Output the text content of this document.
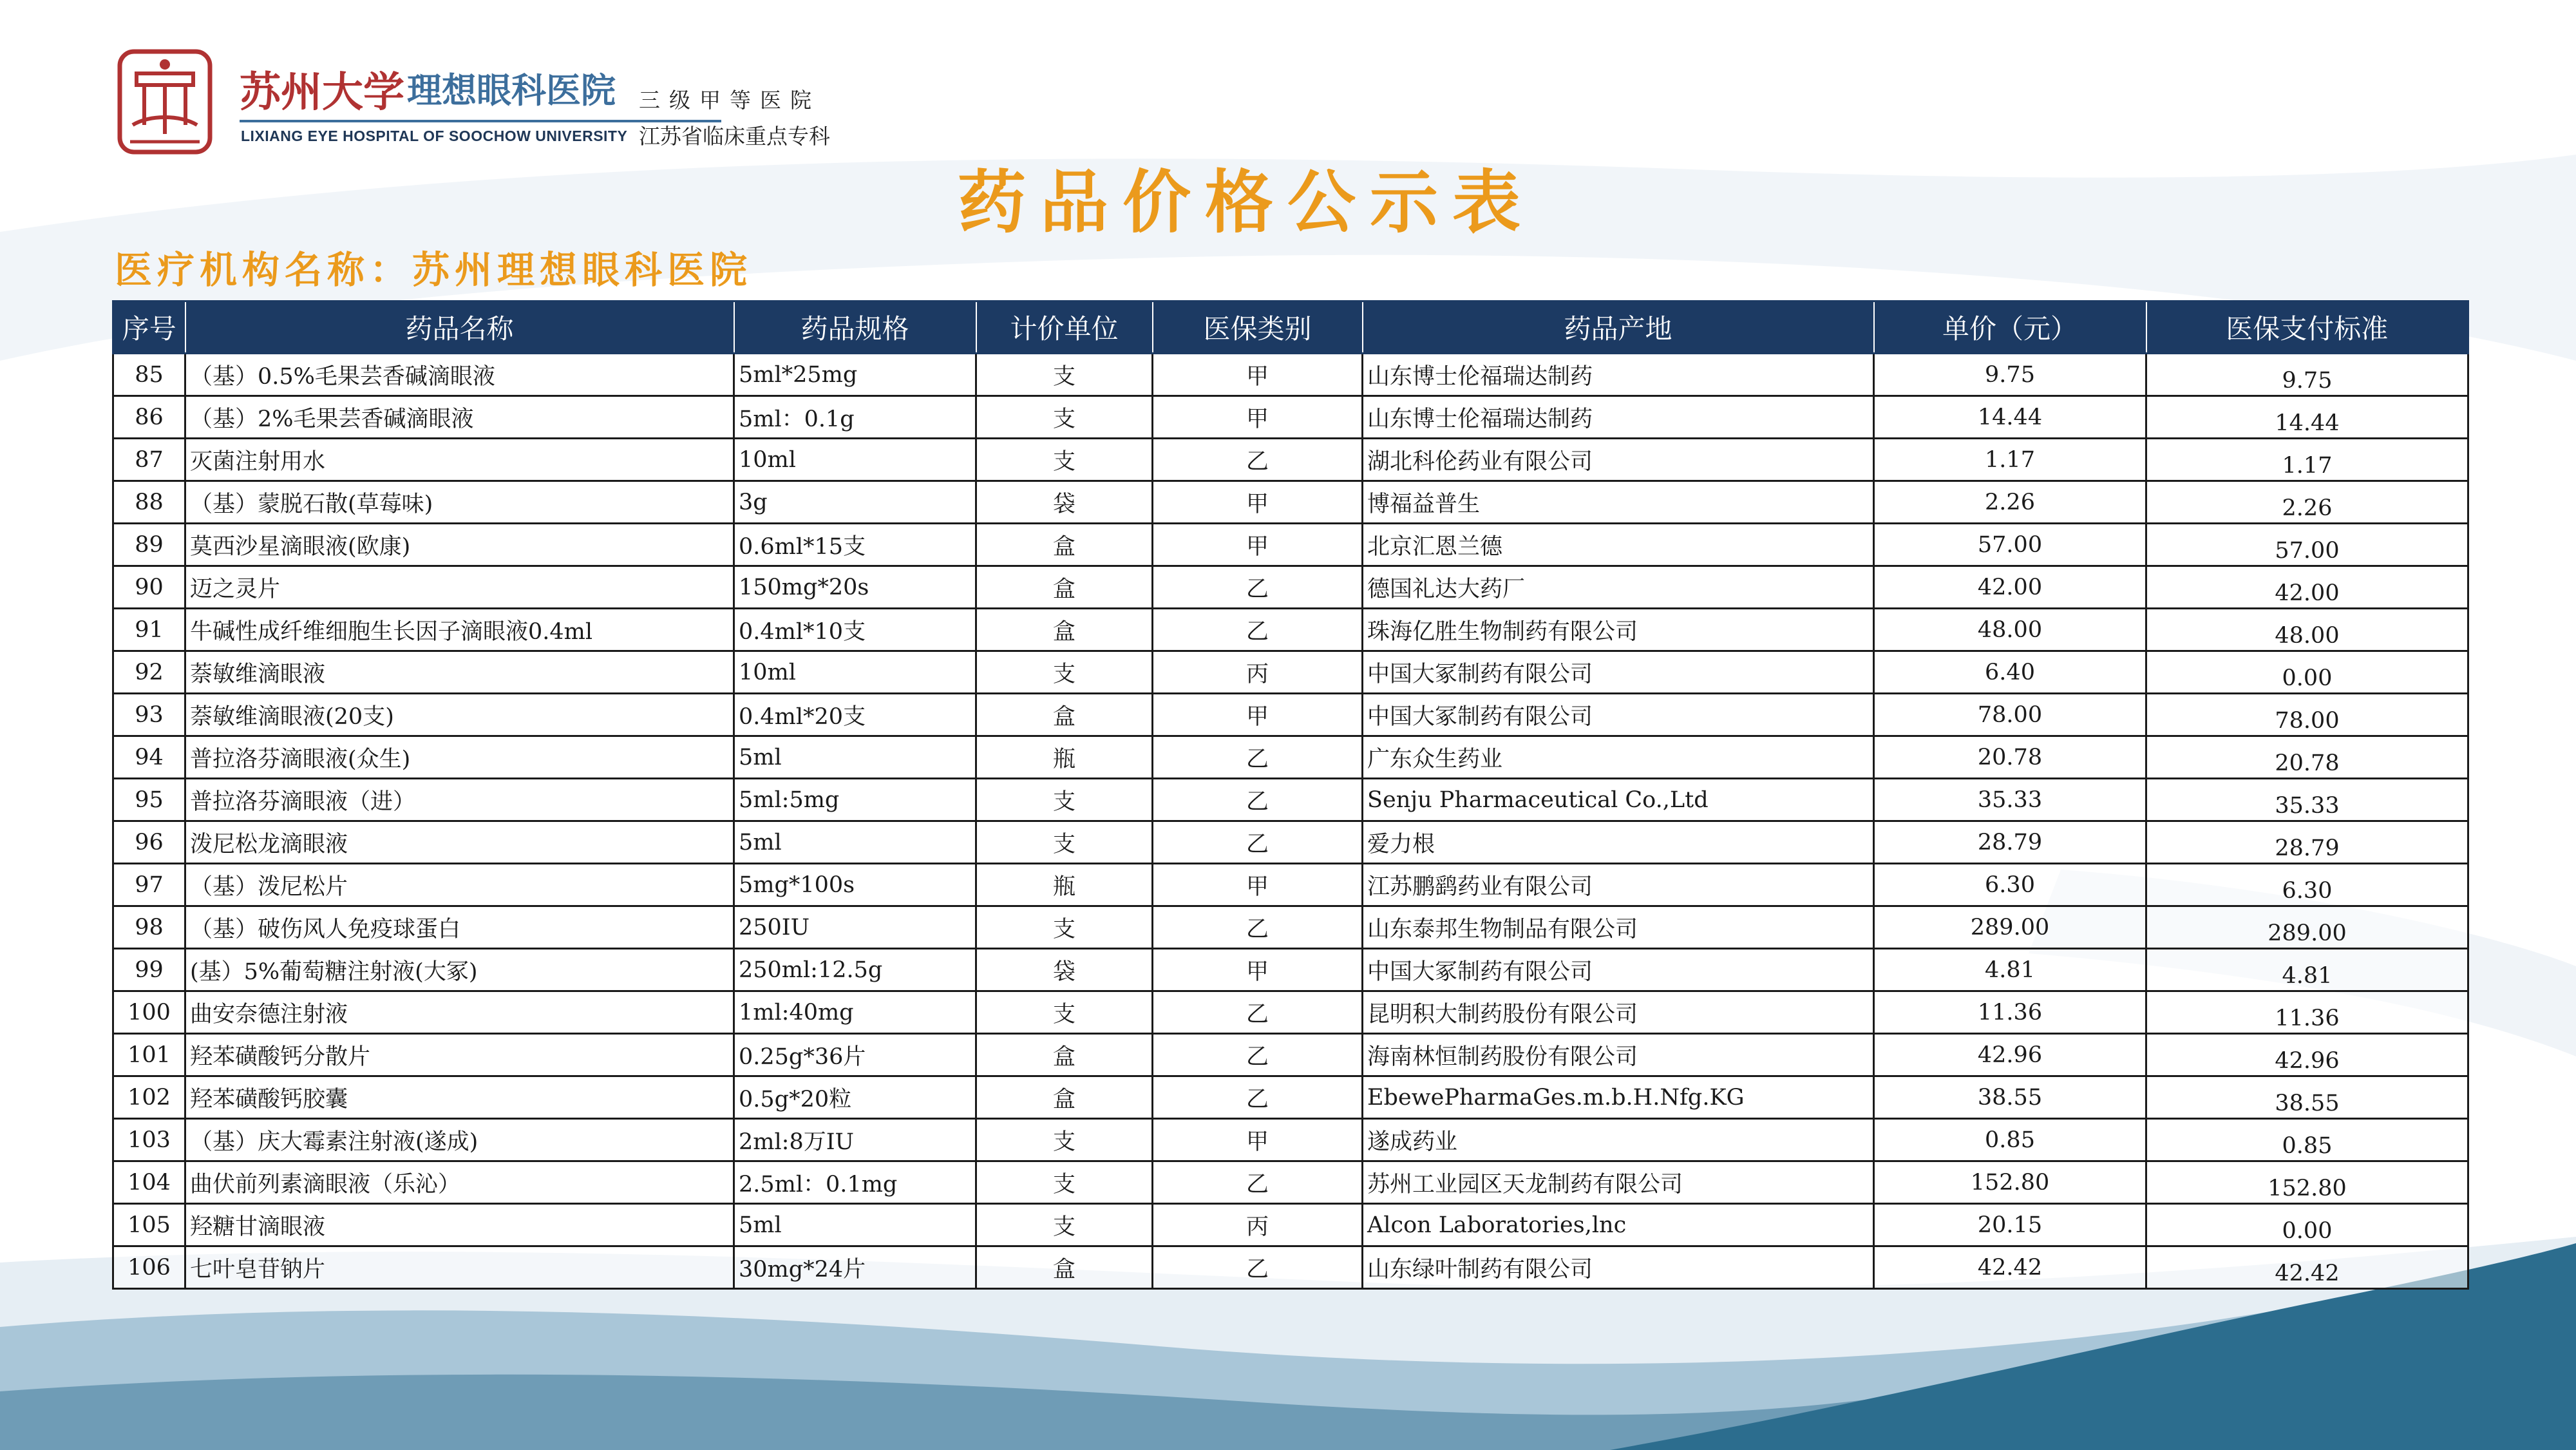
苏州大学 理想眼科医院
LIXIANG EYE HOSPITAL OF SOOCHOW UNIVERSITY
三级甲等医院
江苏省临床重点专科
药品价格公示表
医疗机构名称：苏州理想眼科医院
序号	药品名称	药品规格	计价单位	医保类别	药品产地	单价（元）	医保支付标准
85	（基）0.5%毛果芸香碱滴眼液	5ml*25mg	支	甲	山东博士伦福瑞达制药	9.75	9.75
86	（基）2%毛果芸香碱滴眼液	5ml：0.1g	支	甲	山东博士伦福瑞达制药	14.44	14.44
87	灭菌注射用水	10ml	支	乙	湖北科伦药业有限公司	1.17	1.17
88	（基）蒙脱石散(草莓味)	3g	袋	甲	博福益普生	2.26	2.26
89	莫西沙星滴眼液(欧康)	0.6ml*15支	盒	甲	北京汇恩兰德	57.00	57.00
90	迈之灵片	150mg*20s	盒	乙	德国礼达大药厂	42.00	42.00
91	牛碱性成纤维细胞生长因子滴眼液0.4ml	0.4ml*10支	盒	乙	珠海亿胜生物制药有限公司	48.00	48.00
92	萘敏维滴眼液	10ml	支	丙	中国大冢制药有限公司	6.40	0.00
93	萘敏维滴眼液(20支)	0.4ml*20支	盒	甲	中国大冢制药有限公司	78.00	78.00
94	普拉洛芬滴眼液(众生)	5ml	瓶	乙	广东众生药业	20.78	20.78
95	普拉洛芬滴眼液（进）	5ml:5mg	支	乙	Senju Pharmaceutical Co.,Ltd	35.33	35.33
96	泼尼松龙滴眼液	5ml	支	乙	爱力根	28.79	28.79
97	（基）泼尼松片	5mg*100s	瓶	甲	江苏鹏鹞药业有限公司	6.30	6.30
98	（基）破伤风人免疫球蛋白	250IU	支	乙	山东泰邦生物制品有限公司	289.00	289.00
99	(基）5%葡萄糖注射液(大冢)	250ml:12.5g	袋	甲	中国大冢制药有限公司	4.81	4.81
100	曲安奈德注射液	1ml:40mg	支	乙	昆明积大制药股份有限公司	11.36	11.36
101	羟苯磺酸钙分散片	0.25g*36片	盒	乙	海南林恒制药股份有限公司	42.96	42.96
102	羟苯磺酸钙胶囊	0.5g*20粒	盒	乙	EbewePharmaGes.m.b.H.Nfg.KG	38.55	38.55
103	（基）庆大霉素注射液(遂成)	2ml:8万IU	支	甲	遂成药业	0.85	0.85
104	曲伏前列素滴眼液（乐沁）	2.5ml：0.1mg	支	乙	苏州工业园区天龙制药有限公司	152.80	152.80
105	羟糖甘滴眼液	5ml	支	丙	Alcon Laboratories,lnc	20.15	0.00
106	七叶皂苷钠片	30mg*24片	盒	乙	山东绿叶制药有限公司	42.42	42.42
